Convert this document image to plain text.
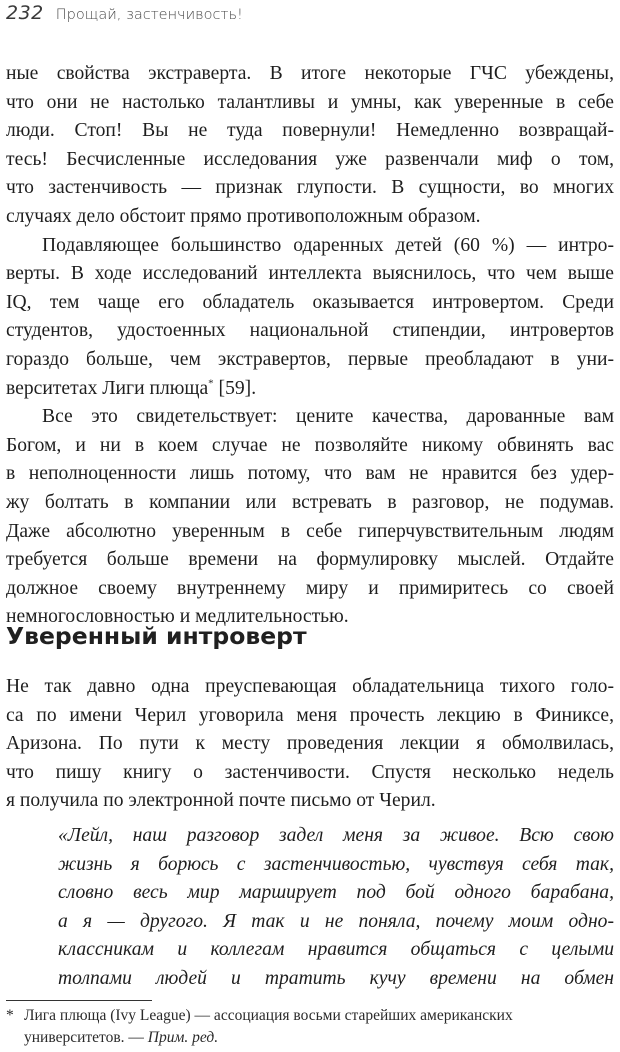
232 Прощай, застенчивость!
ные свойства экстраверта. В итоге некоторые ГЧС убеждены,
что они не настолько талантливы и умны, как уверенные в себе
люди. Стоп! Вы не туда повернули! Немедленно возвращай-
тесь! Бесчисленные исследования уже развенчали миф о том,
что застенчивость — признак глупости. В сущности, во многих
случаях дело обстоит прямо противоположным образом.
Подавляющее большинство одаренных детей (60 %) — интро-
верты. В ходе исследований интеллекта выяснилось, что чем выше
IQ, тем чаще его обладатель оказывается интровертом. Среди
студентов, удостоенных национальной стипендии, интровертов
гораздо больше, чем экстравертов, первые преобладают в уни-
верситетах Лиги плюща* [59].
Все это свидетельствует: цените качества, дарованные вам
Богом, и ни в коем случае не позволяйте никому обвинять вас
в неполноценности лишь потому, что вам не нравится без удер-
жу болтать в компании или встревать в разговор, не подумав.
Даже абсолютно уверенным в себе гиперчувствительным людям
требуется больше времени на формулировку мыслей. Отдайте
должное своему внутреннему миру и примиритесь со своей
немногословностью и медлительностью.
Уверенный интроверт
Не так давно одна преуспевающая обладательница тихого голо-
са по имени Черил уговорила меня прочесть лекцию в Финиксе,
Аризона. По пути к месту проведения лекции я обмолвилась,
что пишу книгу о застенчивости. Спустя несколько недель
я получила по электронной почте письмо от Черил.
«Лейл, наш разговор задел меня за живое. Всю свою
жизнь я борюсь с застенчивостью, чувствуя себя так,
словно весь мир марширует под бой одного барабана,
а я — другого. Я так и не поняла, почему моим одно-
классникам и коллегам нравится общаться с целыми
толпами людей и тратить кучу времени на обмен
* Лига плюща (Ivy League) — ассоциация восьми старейших американских
университетов. — Прим. ред.
